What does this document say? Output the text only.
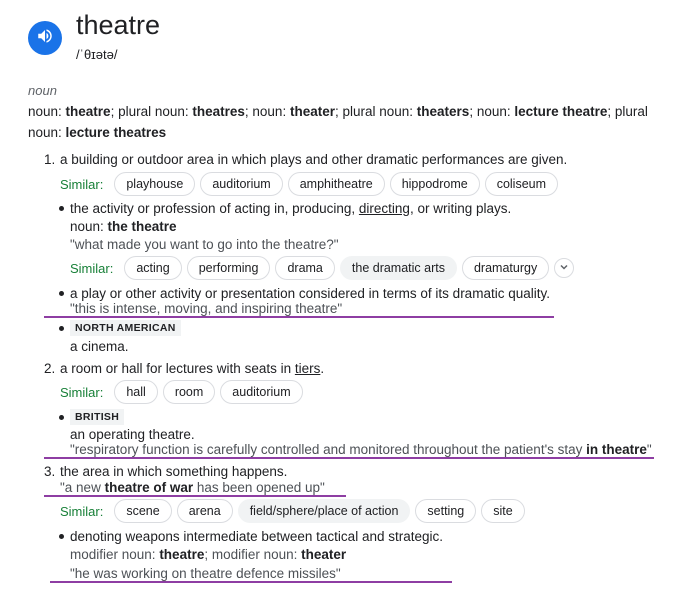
theatre
/ˈθɪətə/
noun
noun: theatre; plural noun: theatres; noun: theater; plural noun: theaters; noun: lecture theatre; plural noun: lecture theatres
1. a building or outdoor area in which plays and other dramatic performances are given.
Similar:	playhouse	auditorium	amphitheatre	hippodrome	coliseum
the activity or profession of acting in, producing, directing, or writing plays.
noun: the theatre
"what made you want to go into the theatre?"
Similar:	acting	performing	drama	the dramatic arts	dramaturgy
a play or other activity or presentation considered in terms of its dramatic quality.
"this is intense, moving, and inspiring theatre"
NORTH AMERICAN
a cinema.
2. a room or hall for lectures with seats in tiers.
Similar:	hall	room	auditorium
BRITISH
an operating theatre.
"respiratory function is carefully controlled and monitored throughout the patient's stay in theatre"
3. the area in which something happens.
"a new theatre of war has been opened up"
Similar:	scene	arena	field/sphere/place of action	setting	site
denoting weapons intermediate between tactical and strategic.
modifier noun: theatre; modifier noun: theater
"he was working on theatre defence missiles"
